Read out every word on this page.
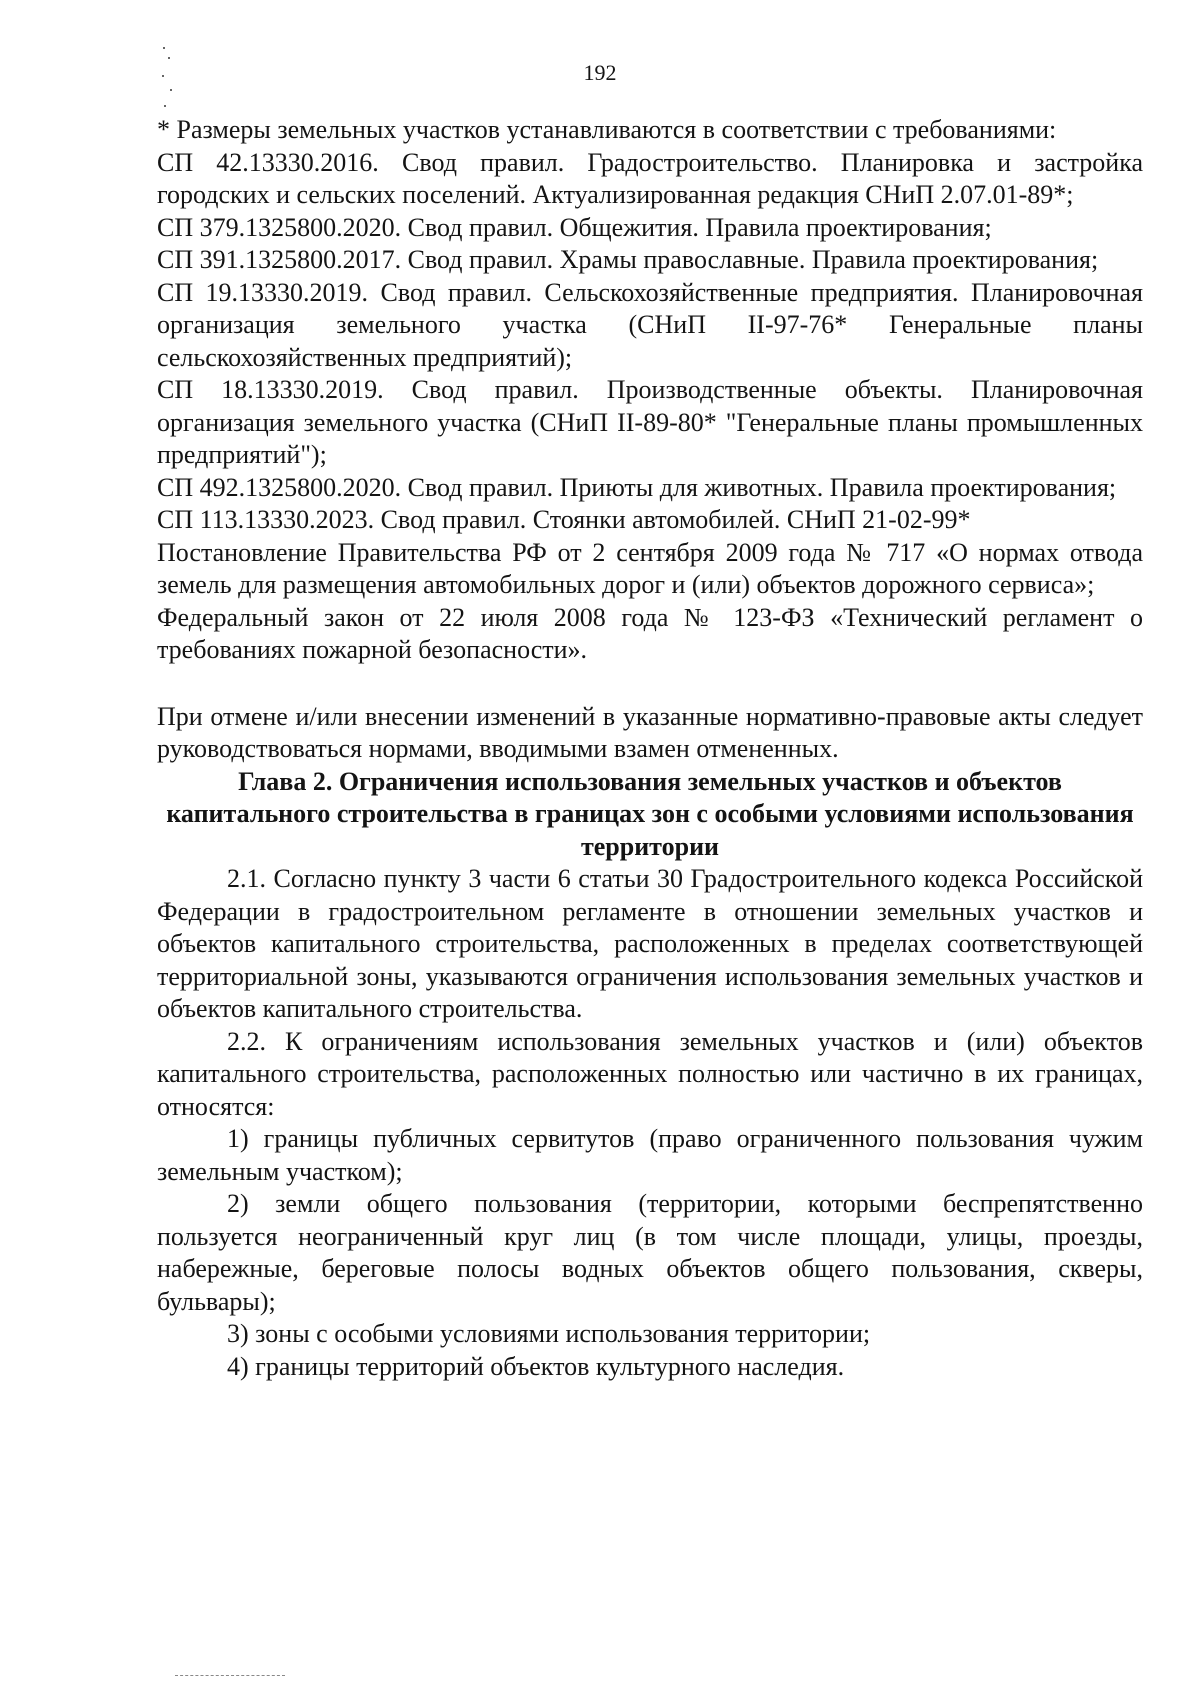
192

* Размеры земельных участков устанавливаются в соответствии с требованиями:

СП 42.13330.2016. Свод правил. Градостроительство. Планировка и застройка городских и сельских поселений. Актуализированная редакция СНиП 2.07.01-89*;

СП 379.1325800.2020. Свод правил. Общежития. Правила проектирования;

СП 391.1325800.2017. Свод правил. Храмы православные. Правила проектирования;

СП 19.13330.2019. Свод правил. Сельскохозяйственные предприятия. Планировочная организация земельного участка (СНиП II-97-76* Генеральные планы сельскохозяйственных предприятий);

СП 18.13330.2019. Свод правил. Производственные объекты. Планировочная организация земельного участка (СНиП II-89-80* "Генеральные планы промышленных предприятий");

СП 492.1325800.2020. Свод правил. Приюты для животных. Правила проектирования;

СП 113.13330.2023. Свод правил. Стоянки автомобилей. СНиП 21-02-99*

Постановление Правительства РФ от 2 сентября 2009 года № 717 «О нормах отвода земель для размещения автомобильных дорог и (или) объектов дорожного сервиса»;

Федеральный закон от 22 июля 2008 года № 123-ФЗ «Технический регламент о требованиях пожарной безопасности».

При отмене и/или внесении изменений в указанные нормативно-правовые акты следует руководствоваться нормами, вводимыми взамен отмененных.

Глава 2. Ограничения использования земельных участков и объектов капитального строительства в границах зон с особыми условиями использования территории

2.1. Согласно пункту 3 части 6 статьи 30 Градостроительного кодекса Российской Федерации в градостроительном регламенте в отношении земельных участков и объектов капитального строительства, расположенных в пределах соответствующей территориальной зоны, указываются ограничения использования земельных участков и объектов капитального строительства.

2.2. К ограничениям использования земельных участков и (или) объектов капитального строительства, расположенных полностью или частично в их границах, относятся:

1) границы публичных сервитутов (право ограниченного пользования чужим земельным участком);

2) земли общего пользования (территории, которыми беспрепятственно пользуется неограниченный круг лиц (в том числе площади, улицы, проезды, набережные, береговые полосы водных объектов общего пользования, скверы, бульвары);

3) зоны с особыми условиями использования территории;

4) границы территорий объектов культурного наследия.
